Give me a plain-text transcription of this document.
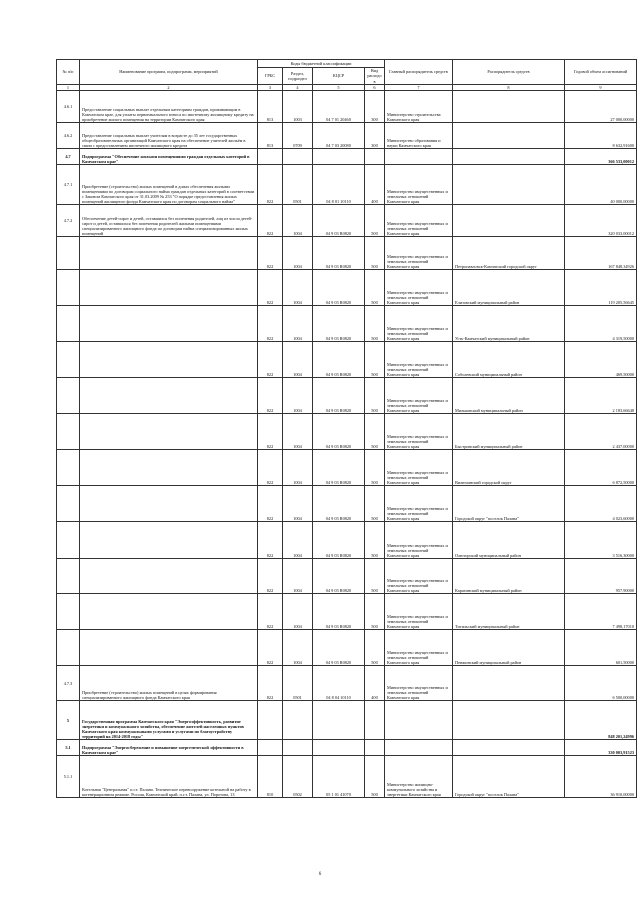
№ п/п	Наименование программ, подпрограмм, мероприятий	Коды бюджетной классификации				Главный распорядитель средств	Распорядитель средств	Годовой объем ассигнований
		ГРБС	Раздел, подраздел	КЦСР	Вид расходов			
1	2	3	4	5	6	7	8	9
4.6.1	Предоставление социальных выплат отдельным категориям граждан, проживающим в Камчатском крае, для уплаты первоначального взноса по ипотечному жилищному кредиту на приобретение жилого помещения на территории Камчатского края	813	1003	04 7 01 20460	300	Министерство строительства Камчатского края		27 000,00000
4.6.2	Предоставление социальных выплат учителям в возрасте до 35 лет государственных общеобразовательных организаций Камчатского края на обеспечение учителей жильём в связи с предоставлением ипотечного жилищного кредита	813	0709	04 7 03 20080	300	Министерство образования и науки Камчатского края		8 632,91600
4.7	Подпрограмма "Обеспечение жилыми помещениями граждан отдельных категорий в Камчатском крае"							366 533,00012
4.7.1	Приобретение (строительство) жилых помещений в домах обеспечения жилыми помещениями по договорам социального найма граждан отдельных категорий в соответствии с Законом Камчатского края от 31.03.2009 № 253 "О порядке предоставления жилых помещений жилищного фонда Камчатского края по договорам социального найма"	822	0501	04 8 01 10110	400	Министерство имущественных и земельных отношений Камчатского края		40 000,00000
4.7.2	Обеспечение детей-сирот и детей, оставшихся без попечения родителей, лиц из числа детей-сирот и детей, оставшихся без попечения родителей жилыми помещениями специализированного жилищного фонда по договорам найма специализированных жилых помещений	822	1004	04 9 03 R0820	500	Министерство имущественных и земельных отношений Камчатского края		320 033,00012
		822	1004	04 9 03 R0820	500	Министерство имущественных и земельных отношений Камчатского края	Петропавловск-Камчатский городской округ	167 848,34926
		822	1004	04 9 03 R0820	500	Министерство имущественных и земельных отношений Камчатского края	Елизовский муниципальный район	119 205,56645
		822	1004	04 9 03 R0820	500	Министерство имущественных и земельных отношений Камчатского края	Усть-Камчатский муниципальный район	4 319,50000
		822	1004	04 9 03 R0820	500	Министерство имущественных и земельных отношений Камчатского края	Соболевский муниципальный район	469,50000
		822	1004	04 9 03 R0820	500	Министерство имущественных и земельных отношений Камчатского края	Мильковский муниципальный район	2 183,66648
		822	1004	04 9 03 R0820	500	Министерство имущественных и земельных отношений Камчатского края	Быстринский муниципальный район	2 437,00000
		822	1004	04 9 03 R0820	500	Министерство имущественных и земельных отношений Камчатского края	Вилючинский городской округ	6 872,50000
		822	1004	04 9 03 R0820	500	Министерство имущественных и земельных отношений Камчатского края	Городской округ "поселок Палана"	4 023,60000
		822	1004	04 9 03 R0820	500	Министерство имущественных и земельных отношений Камчатского края	Олюторский муниципальный район	3 516,30000
		822	1004	04 9 03 R0820	500	Министерство имущественных и земельных отношений Камчатского края	Карагинский муниципальный район	957,90000
		822	1004	04 9 03 R0820	500	Министерство имущественных и земельных отношений Камчатского края	Тигильский муниципальный район	7 498,17010
		822	1004	04 9 03 R0820	500	Министерство имущественных и земельных отношений Камчатского края	Пенжинский муниципальный район	601,50000
4.7.3	Приобретение (строительство) жилых помещений в целях формирования специализированного жилищного фонда Камчатского края	822	0501	04 8 04 10110	400	Министерство имущественных и земельных отношений Камчатского края		6 500,00000
5	Государственная программа Камчатского края "Энергоэффективность, развитие энергетики и коммунального хозяйства, обеспечение жителей населенных пунктов Камчатского края коммунальными услугами и услугами по благоустройству территорий на 2014-2018 годы"							848 201,24996
5.1	Подпрограмма "Энергосбережение и повышение энергетической эффективности в Камчатском крае"							330 003,91523
5.1.1	Котельная "Центральная" п.г.т. Палана. Техническое перевооружение котельной на работу в когенерационном режиме. Россия, Камчатский край, п.г.т. Палана, ул. Поротова, 13	810	0502	05 1 01 41070	500	Министерство жилищно-коммунального хозяйства и энергетики Камчатского края	Городской округ "поселок Палана"	36 910,00000
6
